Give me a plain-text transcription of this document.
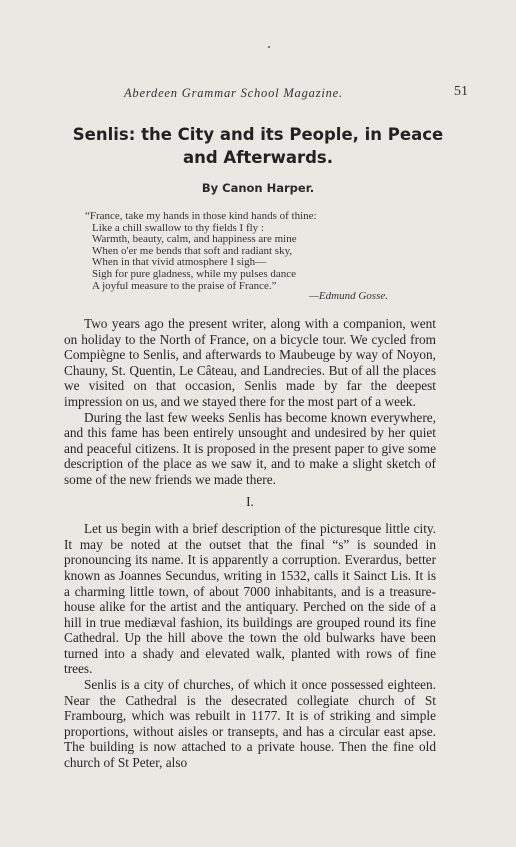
Aberdeen Grammar School Magazine.	51
Senlis: the City and its People, in Peace
and Afterwards.
By Canon Harper.
“France, take my hands in those kind hands of thine:
Like a chill swallow to thy fields I fly :
Warmth, beauty, calm, and happiness are mine
When o'er me bends that soft and radiant sky,
When in that vivid atmosphere I sigh—
Sigh for pure gladness, while my pulses dance
A joyful measure to the praise of France.”
—Edmund Gosse.

Two years ago the present writer, along with a companion, went on holiday to the North of France, on a bicycle tour. We cycled from Compiègne to Senlis, and afterwards to Maubeuge by way of Noyon, Chauny, St. Quentin, Le Câteau, and Landrecies. But of all the places we visited on that occasion, Senlis made by far the deepest impression on us, and we stayed there for the most part of a week.

During the last few weeks Senlis has become known everywhere, and this fame has been entirely unsought and undesired by her quiet and peaceful citizens. It is proposed in the present paper to give some description of the place as we saw it, and to make a slight sketch of some of the new friends we made there.

I.

Let us begin with a brief description of the picturesque little city. It may be noted at the outset that the final “s” is sounded in pronouncing its name. It is apparently a corruption. Everardus, better known as Joannes Secundus, writing in 1532, calls it Sainct Lis. It is a charming little town, of about 7000 inhabitants, and is a treasure-house alike for the artist and the antiquary. Perched on the side of a hill in true mediæval fashion, its buildings are grouped round its fine Cathedral. Up the hill above the town the old bulwarks have been turned into a shady and elevated walk, planted with rows of fine trees.

Senlis is a city of churches, of which it once possessed eighteen. Near the Cathedral is the desecrated collegiate church of St Frambourg, which was rebuilt in 1177. It is of striking and simple proportions, without aisles or transepts, and has a circular east apse. The building is now attached to a private house. Then the fine old church of St Peter, also
